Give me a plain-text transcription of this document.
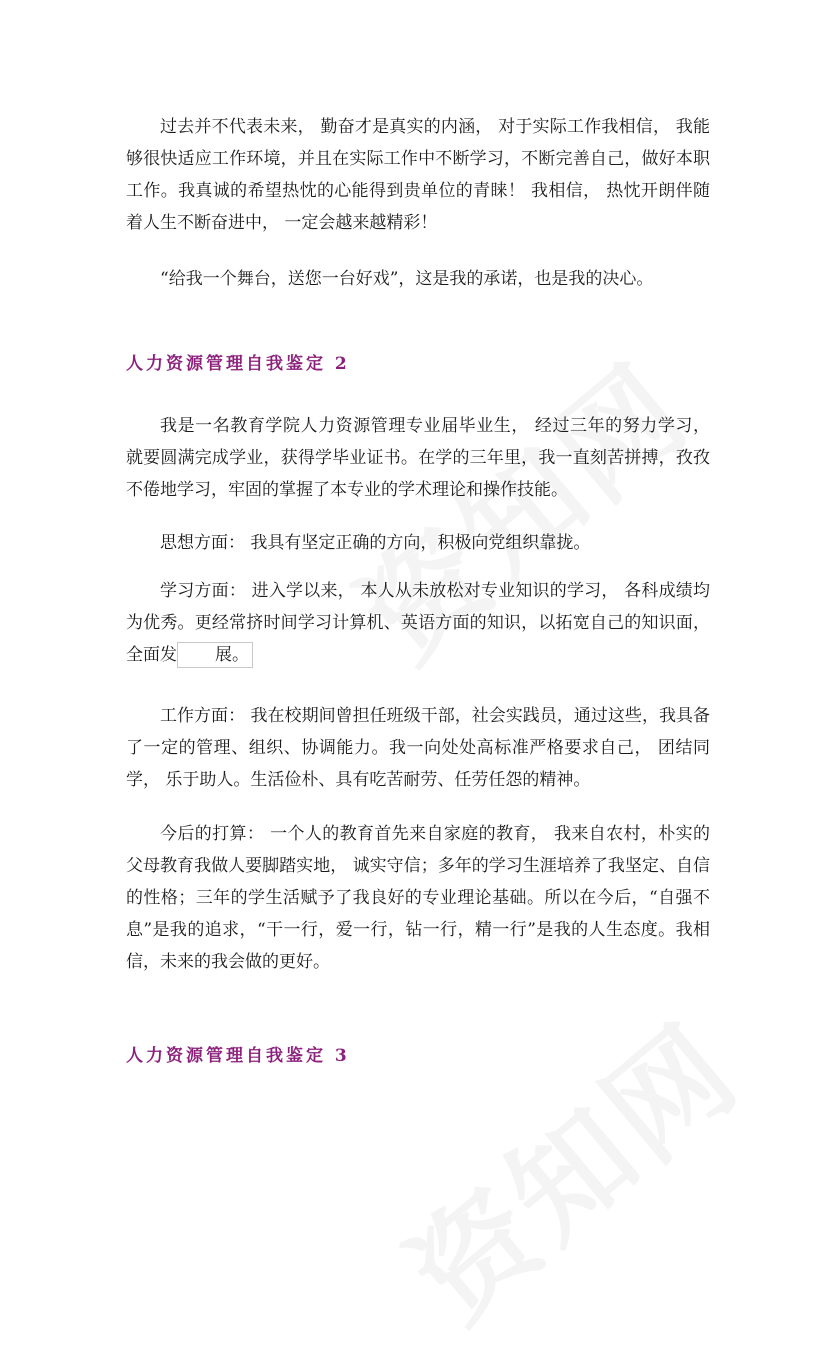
过去并不代表未来， 勤奋才是真实的内涵， 对于实际工作我相信， 我能够很快适应工作环境，并且在实际工作中不断学习，不断完善自己，做好本职工作。我真诚的希望热忱的心能得到贵单位的青睐！ 我相信， 热忱开朗伴随着人生不断奋进中， 一定会越来越精彩！

“给我一个舞台，送您一台好戏”，这是我的承诺，也是我的决心。

人力资源管理自我鉴定 2

我是一名教育学院人力资源管理专业届毕业生， 经过三年的努力学习， 就要圆满完成学业，获得学毕业证书。在学的三年里，我一直刻苦拼搏，孜孜不倦地学习，牢固的掌握了本专业的学术理论和操作技能。

思想方面： 我具有坚定正确的方向，积极向党组织靠拢。

学习方面： 进入学以来， 本人从未放松对专业知识的学习， 各科成绩均为优秀。更经常挤时间学习计算机、英语方面的知识，以拓宽自己的知识面，全面发 展。

工作方面： 我在校期间曾担任班级干部，社会实践员，通过这些，我具备了一定的管理、组织、协调能力。我一向处处高标准严格要求自己， 团结同学， 乐于助人。生活俭朴、具有吃苦耐劳、任劳任怨的精神。

今后的打算： 一个人的教育首先来自家庭的教育， 我来自农村，朴实的父母教育我做人要脚踏实地， 诚实守信；多年的学习生涯培养了我坚定、自信的性格；三年的学生活赋予了我良好的专业理论基础。所以在今后，“自强不息”是我的追求，“干一行，爱一行，钻一行，精一行”是我的人生态度。我相信，未来的我会做的更好。

人力资源管理自我鉴定 3
